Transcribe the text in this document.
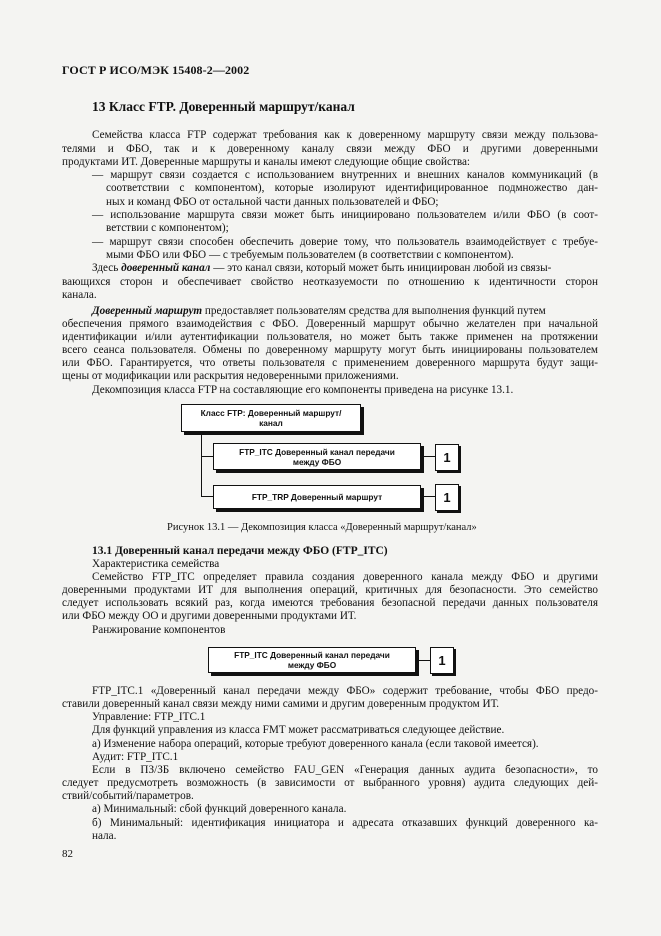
ГОСТ Р ИСО/МЭК 15408-2—2002
13 Класс FTP. Доверенный маршрут/канал
Семейства класса FTP содержат требования как к доверенному маршруту связи между пользова-
телями и ФБО, так и к доверенному каналу связи между ФБО и другими доверенными
продуктами ИТ. Доверенные маршруты и каналы имеют следующие общие свойства:
— маршрут связи создается с использованием внутренних и внешних каналов коммуникаций (в
соответствии с компонентом), которые изолируют идентифицированное подмножество дан-
ных и команд ФБО от остальной части данных пользователей и ФБО;
— использование маршрута связи может быть инициировано пользователем и/или ФБО (в соот-
ветствии с компонентом);
— маршрут связи способен обеспечить доверие тому, что пользователь взаимодействует с требуе-
мыми ФБО или ФБО — с требуемым пользователем (в соответствии с компонентом).
Здесь доверенный канал — это канал связи, который может быть инициирован любой из связы-
вающихся сторон и обеспечивает свойство неотказуемости по отношению к идентичности сторон
канала.
Доверенный маршрут предоставляет пользователям средства для выполнения функций путем
обеспечения прямого взаимодействия с ФБО. Доверенный маршрут обычно желателен при начальной
идентификации и/или аутентификации пользователя, но может быть также применен на протяжении
всего сеанса пользователя. Обмены по доверенному маршруту могут быть инициированы пользователем
или ФБО. Гарантируется, что ответы пользователя с применением доверенного маршрута будут защи-
щены от модификации или раскрытия недоверенными приложениями.
Декомпозиция класса FTP на составляющие его компоненты приведена на рисунке 13.1.
Класс FTP: Доверенный маршрут/
канал
FTP_ITC Доверенный канал передачи
между ФБО	1
FTP_TRP Доверенный маршрут	1
Рисунок 13.1 — Декомпозиция класса «Доверенный маршрут/канал»
13.1 Доверенный канал передачи между ФБО (FTP_ITC)
Характеристика семейства
Семейство FTP_ITC определяет правила создания доверенного канала между ФБО и другими
доверенными продуктами ИТ для выполнения операций, критичных для безопасности. Это семейство
следует использовать всякий раз, когда имеются требования безопасной передачи данных пользователя
или ФБО между ОО и другими доверенными продуктами ИТ.
Ранжирование компонентов
FTP_ITC Доверенный канал передачи
между ФБО	1
FTP_ITC.1 «Доверенный канал передачи между ФБО» содержит требование, чтобы ФБО предо-
ставили доверенный канал связи между ними самими и другим доверенным продуктом ИТ.
Управление: FTP_ITC.1
Для функций управления из класса FMT может рассматриваться следующее действие.
а) Изменение набора операций, которые требуют доверенного канала (если таковой имеется).
Аудит: FTP_ITC.1
Если в ПЗ/ЗБ включено семейство FAU_GEN «Генерация данных аудита безопасности», то
следует предусмотреть возможность (в зависимости от выбранного уровня) аудита следующих дей-
ствий/событий/параметров.
а) Минимальный: сбой функций доверенного канала.
б) Минимальный: идентификация инициатора и адресата отказавших функций доверенного ка-
нала.
82
